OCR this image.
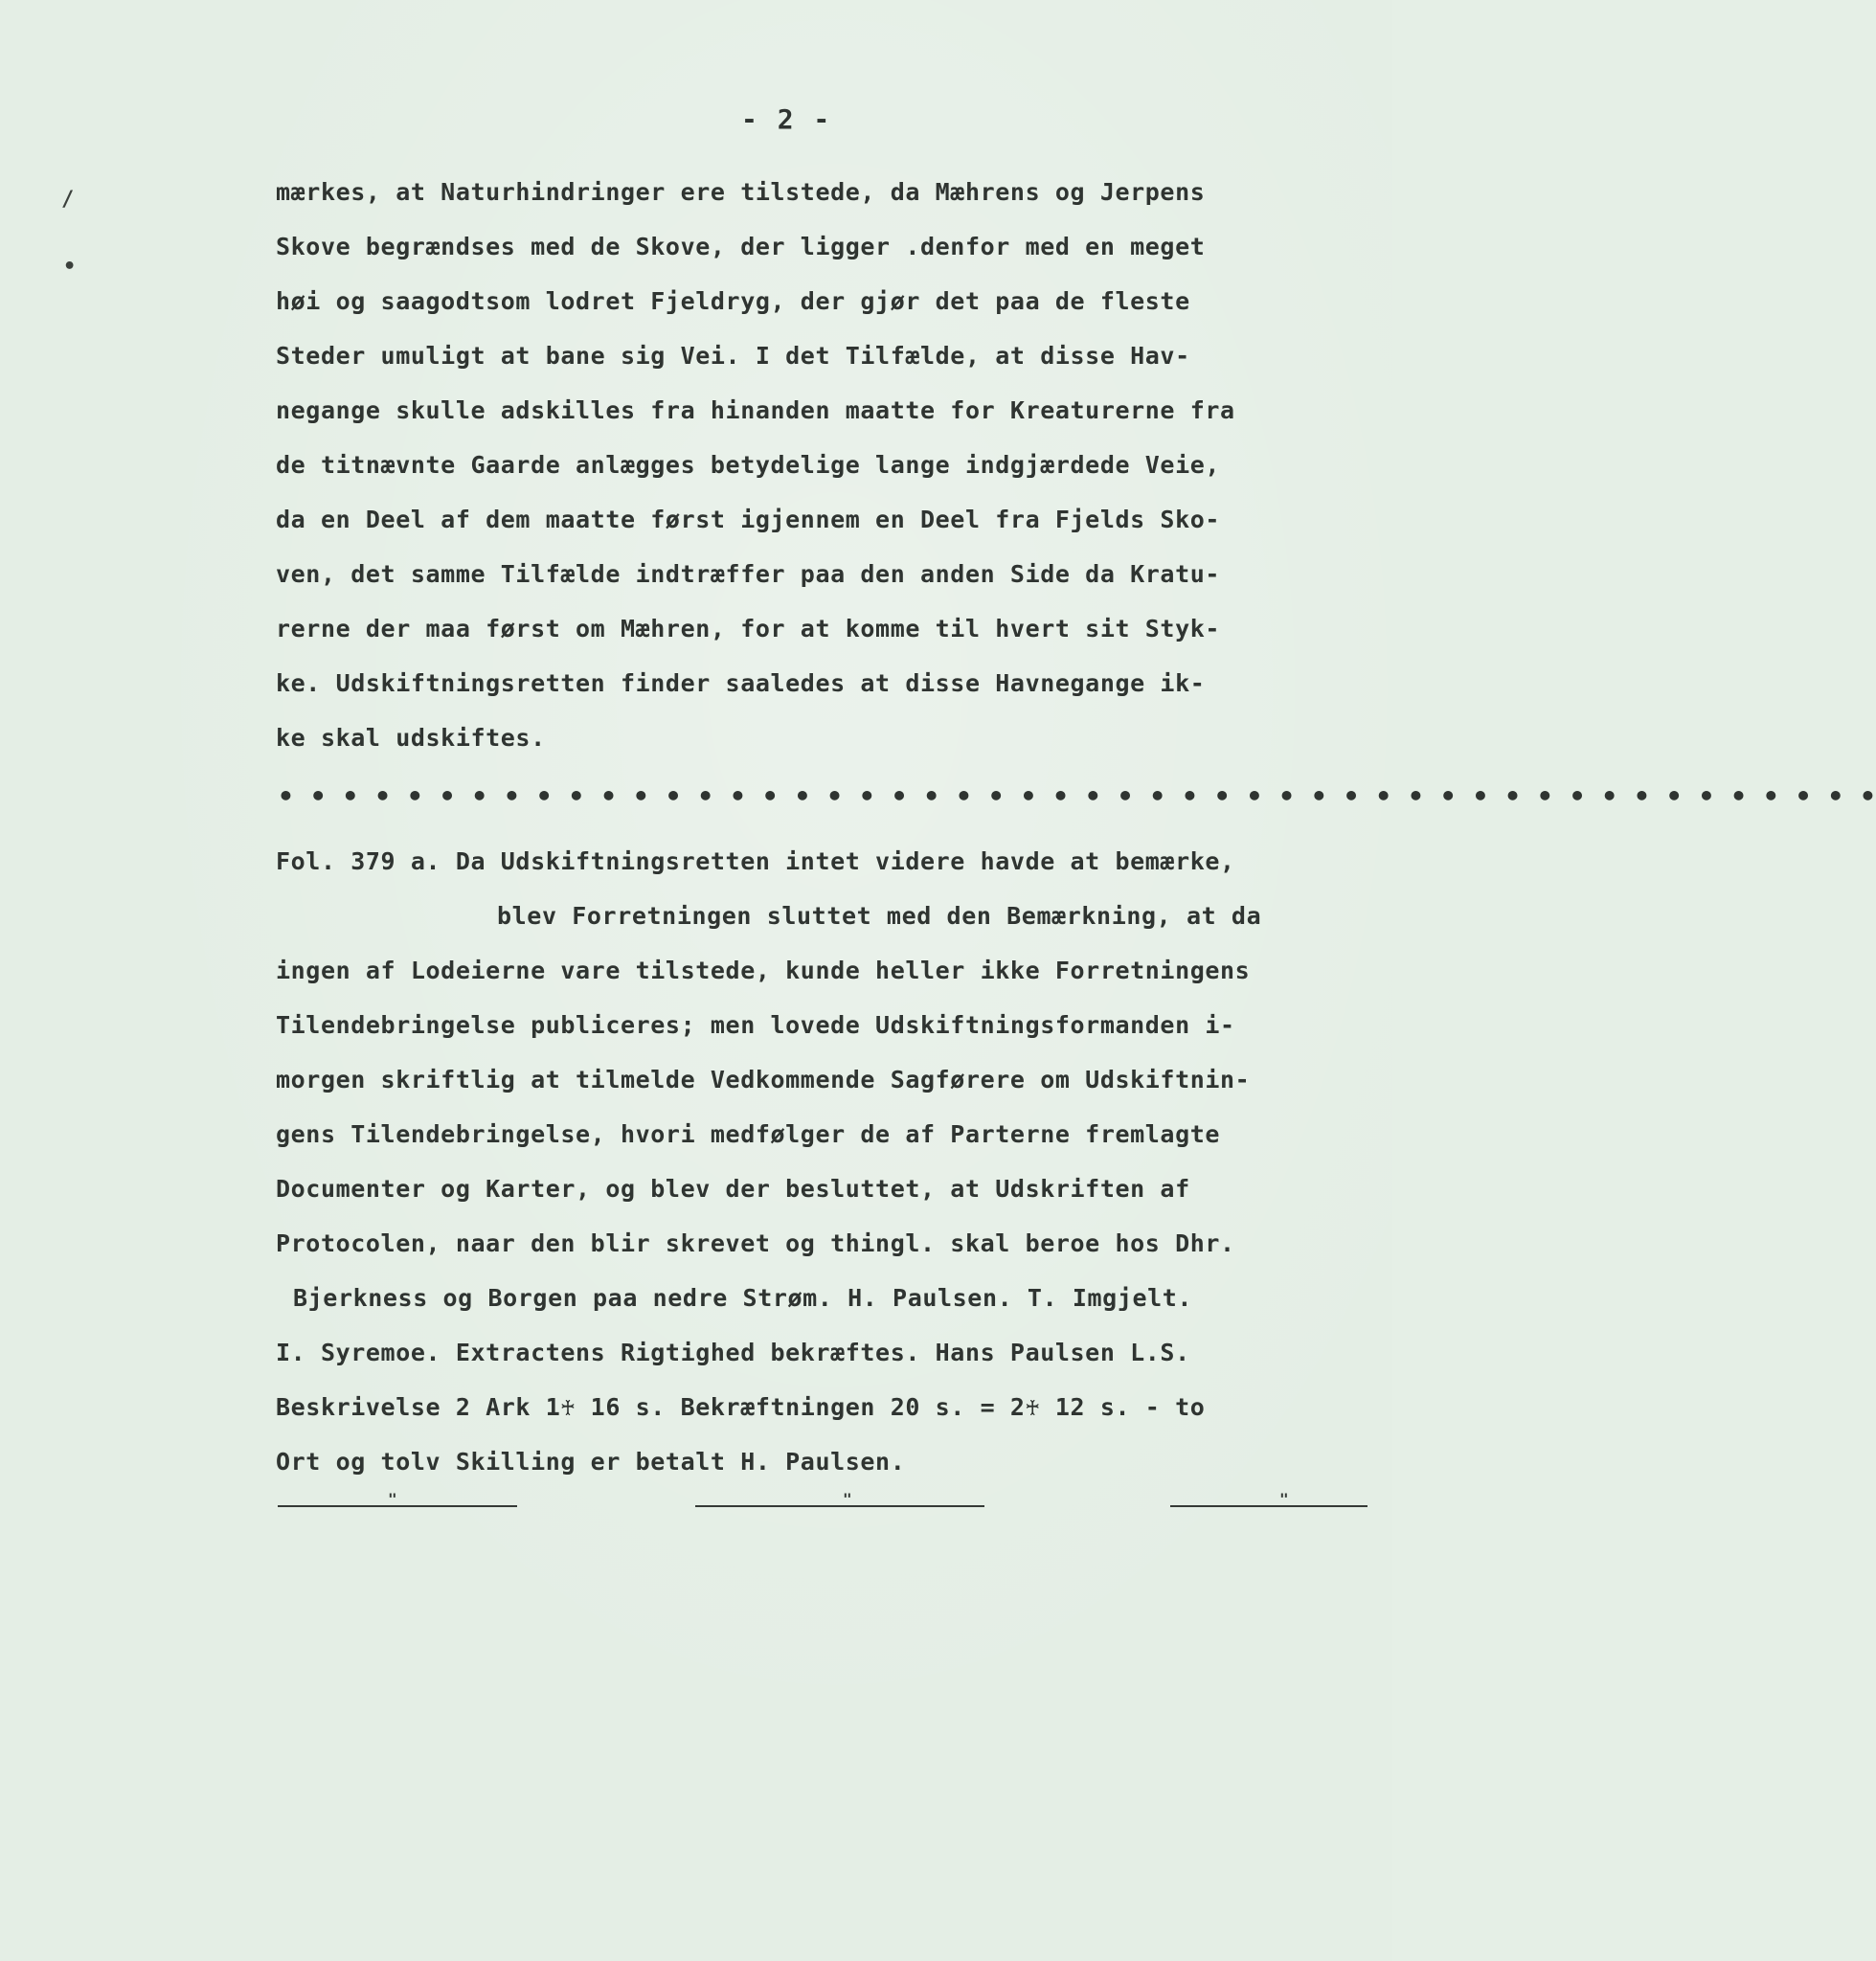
/
•
- 2 -
mærkes, at Naturhindringer ere tilstede, da Mæhrens og Jerpens
Skove begrændses med de Skove, der ligger .denfor med en meget
høi og saagodtsom lodret Fjeldryg, der gjør det paa de fleste
Steder umuligt at bane sig Vei. I det Tilfælde, at disse Hav-
negange skulle adskilles fra hinanden maatte for Kreaturerne fra
de titnævnte Gaarde anlægges betydelige lange indgjærdede Veie,
da en Deel af dem maatte først igjennem en Deel fra Fjelds Sko-
ven, det samme Tilfælde indtræffer paa den anden Side da Kratu-
rerne der maa først om Mæhren, for at komme til hvert sit Styk-
ke. Udskiftningsretten finder saaledes at disse Havnegange ik-
ke skal udskiftes.
• • • • • • • • • • • • • • • • • • • • • • • • • • • • • • • • • • • • • • • • • • • • • • • • • •
Fol. 379 a. Da Udskiftningsretten intet videre havde at bemærke,
blev Forretningen sluttet med den Bemærkning, at da
ingen af Lodeierne vare tilstede, kunde heller ikke Forretningens
Tilendebringelse publiceres; men lovede Udskiftningsformanden i-
morgen skriftlig at tilmelde Vedkommende Sagførere om Udskiftnin-
gens Tilendebringelse, hvori medfølger de af Parterne fremlagte
Documenter og Karter, og blev der besluttet, at Udskriften af
Protocolen, naar den blir skrevet og thingl. skal beroe hos Dhr.
Bjerkness og Borgen paa nedre Strøm. H. Paulsen. T. Imgjelt.
I. Syremoe. Extractens Rigtighed bekræftes. Hans Paulsen L.S.
Beskrivelse 2 Ark 1♰ 16 s. Bekræftningen 20 s. = 2♰ 12 s. - to
Ort og tolv Skilling er betalt H. Paulsen.
"	"	"
